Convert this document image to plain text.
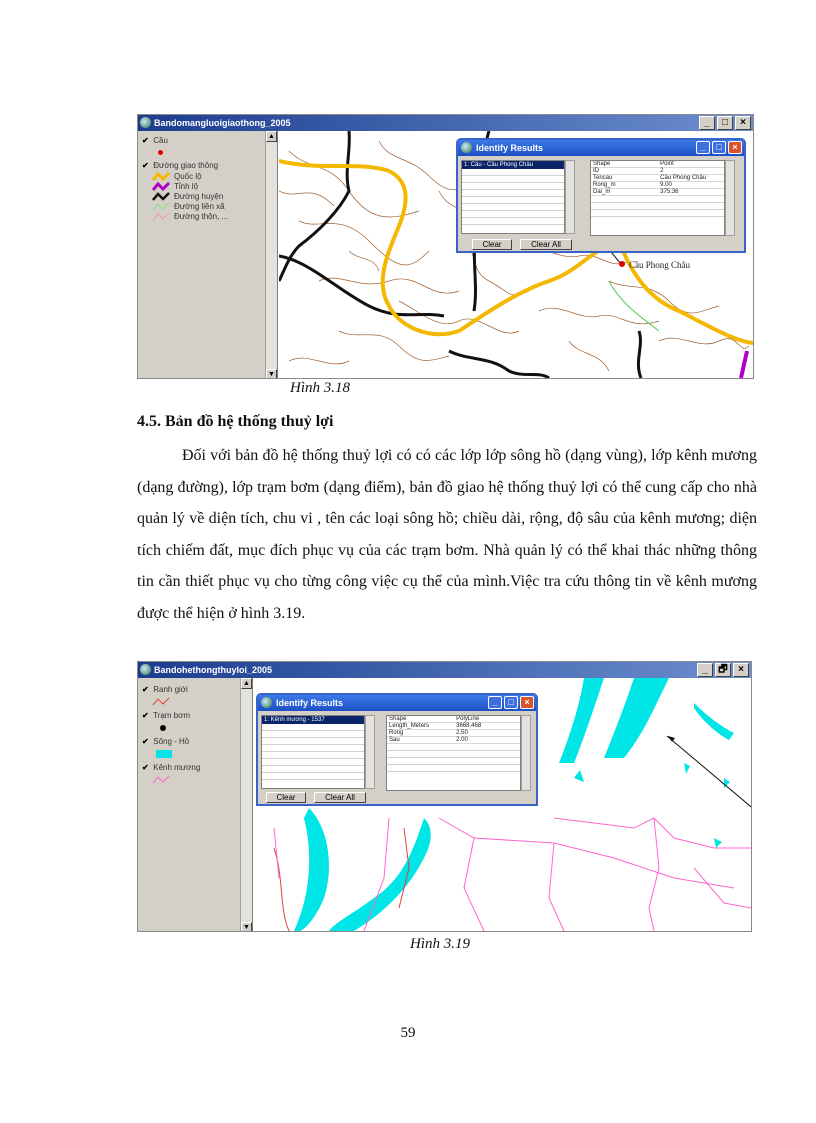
Bandomangluoigiaothong_2005	_	□	×
✔ Cầu
✔ Đường giao thông
Quốc lộ
Tỉnh lộ
Đường huyện
Đường liên xã
Đường thôn, ...
▲
▼
Cầu Phong Châu
Identify Results	_	□	×
1: Cầu - Cầu Phong Châu	Shape	Point
ID	2
Tencau	Cầu Phong Châu
Rong_m	9.00
Dai_m	375.36
Clear	Clear All
Hình 3.18
4.5. Bản đồ hệ thống thuỷ lợi

Đối với bản đồ hệ thống thuỷ lợi có có các lớp lớp sông hồ (dạng vùng), lớp kênh mương (dạng đường), lớp trạm bơm (dạng điểm), bản đồ giao hệ thống thuỷ lợi có thể cung cấp cho nhà quản lý về diện tích, chu vi , tên các loại sông hồ; chiều dài, rộng, độ sâu của kênh mương; diện tích chiếm đất, mục đích phục vụ của các trạm bơm. Nhà quản lý có thể khai thác những thông tin cần thiết phục vụ cho từng công việc cụ thể của mình.Việc tra cứu thông tin về kênh mương được thể hiện ở hình 3.19.

Bandohethongthuyloi_2005	_	🗗	×
✔ Ranh giới
✔ Trạm bơm
✔ Sông - Hồ
✔ Kênh mương
▲
▼
Identify Results	_	□	×
1: Kênh mương - 1537	Shape	PolyLine
Length_Meters	3668.468
Rong	2.50
Sau	2.00
Clear	Clear All
Hình 3.19
59
